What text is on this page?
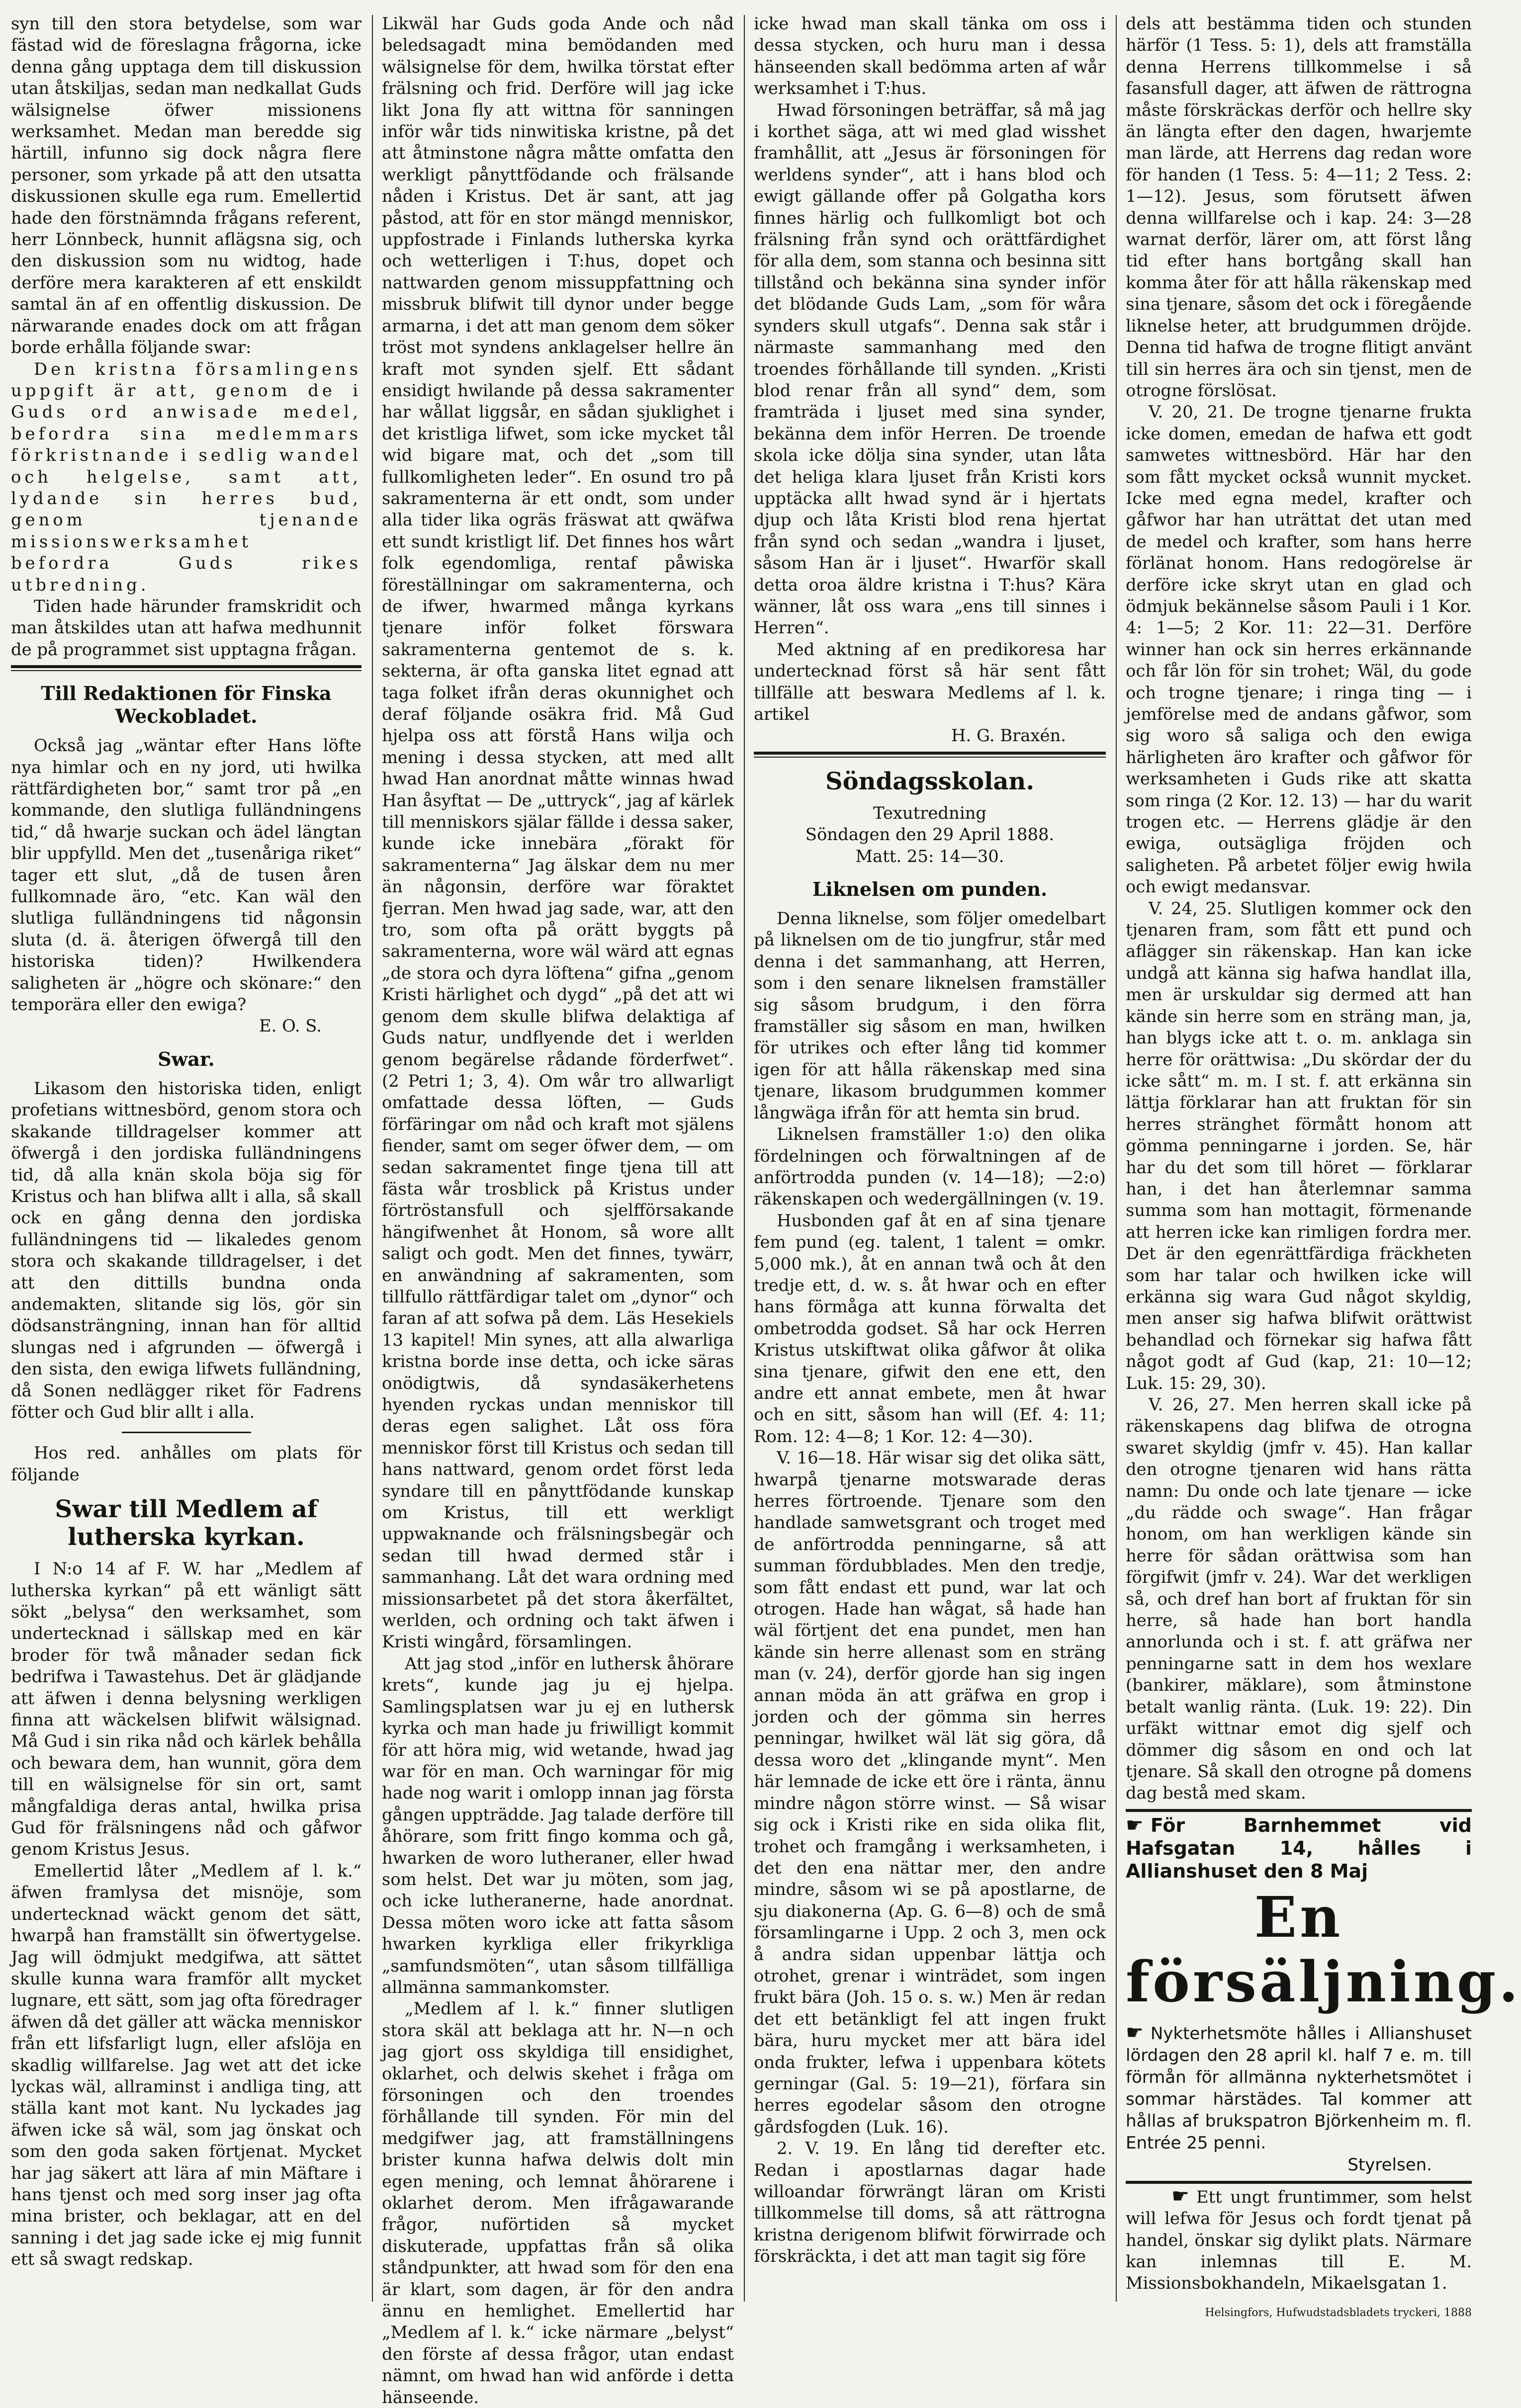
syn till den stora betydelse, som war fästad wid de föreslagna frågorna, icke denna gång upptaga dem till diskussion utan åtskiljas, sedan man nedkallat Guds wälsignelse öfwer missionens werksamhet. Medan man beredde sig härtill, infunno sig dock några flere personer, som yrkade på att den utsatta diskussionen skulle ega rum. Emellertid hade den förstnämnda frågans referent, herr Lönnbeck, hunnit aflägsna sig, och den diskussion som nu widtog, hade derföre mera karakteren af ett enskildt samtal än af en offentlig diskussion. De närwarande enades dock om att frågan borde erhålla följande swar:

Den kristna församlingens uppgift är att, genom de i Guds ord anwisade medel, befordra sina medlemmars förkristnande i sedlig wandel och helgelse, samt att, lydande sin herres bud, genom tjenande missionswerksamhet befordra Guds rikes utbredning.

Tiden hade härunder framskridit och man åtskildes utan att hafwa medhunnit de på programmet sist upptagna frågan.

Till Redaktionen för Finska Weckobladet.

Också jag „wäntar efter Hans löfte nya himlar och en ny jord, uti hwilka rättfärdigheten bor,“ samt tror på „en kommande, den slutliga fulländningens tid,“ då hwarje suckan och ädel längtan blir uppfylld. Men det „tusenåriga riket“ tager ett slut, „då de tusen åren fullkomnade äro, “etc. Kan wäl den slutliga fulländningens tid någonsin sluta (d. ä. återigen öfwergå till den historiska tiden)? Hwilkendera saligheten är „högre och skönare:“ den temporära eller den ewiga?

E. O. S.

Swar.

Likasom den historiska tiden, enligt profetians wittnesbörd, genom stora och skakande tilldragelser kommer att öfwergå i den jordiska fulländningens tid, då alla knän skola böja sig för Kristus och han blifwa allt i alla, så skall ock en gång denna den jordiska fulländningens tid — likaledes genom stora och skakande tilldragelser, i det att den dittills bundna onda andemakten, slitande sig lös, gör sin dödsansträngning, innan han för alltid slungas ned i afgrunden — öfwergå i den sista, den ewiga lifwets fulländning, då Sonen nedlägger riket för Fadrens fötter och Gud blir allt i alla.

Hos red. anhålles om plats för följande

Swar till Medlem af lutherska kyrkan.

I N:o 14 af F. W. har „Medlem af lutherska kyrkan“ på ett wänligt sätt sökt „belysa“ den werksamhet, som undertecknad i sällskap med en kär broder för twå månader sedan fick bedrifwa i Tawastehus. Det är glädjande att äfwen i denna belysning werkligen finna att wäckelsen blifwit wälsignad. Må Gud i sin rika nåd och kärlek behålla och bewara dem, han wunnit, göra dem till en wälsignelse för sin ort, samt mångfaldiga deras antal, hwilka prisa Gud för frälsningens nåd och gåfwor genom Kristus Jesus.

Emellertid låter „Medlem af l. k.“ äfwen framlysa det misnöje, som undertecknad wäckt genom det sätt, hwarpå han framställt sin öfwertygelse. Jag will ödmjukt medgifwa, att sättet skulle kunna wara framför allt mycket lugnare, ett sätt, som jag ofta föredrager äfwen då det gäller att wäcka menniskor från ett lifsfarligt lugn, eller afslöja en skadlig willfarelse. Jag wet att det icke lyckas wäl, allraminst i andliga ting, att ställa kant mot kant. Nu lyckades jag äfwen icke så wäl, som jag önskat och som den goda saken förtjenat. Mycket har jag säkert att lära af min Mäftare i hans tjenst och med sorg inser jag ofta mina brister, och beklagar, att en del sanning i det jag sade icke ej mig funnit ett så swagt redskap.

Likwäl har Guds goda Ande och nåd beledsagadt mina bemödanden med wälsignelse för dem, hwilka törstat efter frälsning och frid. Derföre will jag icke likt Jona fly att wittna för sanningen inför wår tids ninwitiska kristne, på det att åtminstone några måtte omfatta den werkligt pånyttfödande och frälsande nåden i Kristus. Det är sant, att jag påstod, att för en stor mängd menniskor, uppfostrade i Finlands lutherska kyrka och wetterligen i T:hus, dopet och nattwarden genom missuppfattning och missbruk blifwit till dynor under begge armarna, i det att man genom dem söker tröst mot syndens anklagelser hellre än kraft mot synden sjelf. Ett sådant ensidigt hwilande på dessa sakramenter har wållat liggsår, en sådan sjuklighet i det kristliga lifwet, som icke mycket tål wid bigare mat, och det „som till fullkomligheten leder“. En osund tro på sakramenterna är ett ondt, som under alla tider lika ogräs fräswat att qwäfwa ett sundt kristligt lif. Det finnes hos wårt folk egendomliga, rentaf påwiska föreställningar om sakramenterna, och de ifwer, hwarmed många kyrkans tjenare inför folket förswara sakramenterna gentemot de s. k. sekterna, är ofta ganska litet egnad att taga folket ifrån deras okunnighet och deraf följande osäkra frid. Må Gud hjelpa oss att förstå Hans wilja och mening i dessa stycken, att med allt hwad Han anordnat måtte winnas hwad Han åsyftat — De „uttryck“, jag af kärlek till menniskors själar fällde i dessa saker, kunde icke innebära „förakt för sakramenterna“ Jag älskar dem nu mer än någonsin, derföre war föraktet fjerran. Men hwad jag sade, war, att den tro, som ofta på orätt byggts på sakramenterna, wore wäl wärd att egnas „de stora och dyra löftena“ gifna „genom Kristi härlighet och dygd“ „på det att wi genom dem skulle blifwa delaktiga af Guds natur, undflyende det i werlden genom begärelse rådande förderfwet“. (2 Petri 1; 3, 4). Om wår tro allwarligt omfattade dessa löften, — Guds förfäringar om nåd och kraft mot själens fiender, samt om seger öfwer dem, — om sedan sakramentet finge tjena till att fästa wår trosblick på Kristus under förtröstansfull och sjelfförsakande hängifwenhet åt Honom, så wore allt saligt och godt. Men det finnes, tywärr, en anwändning af sakramenten, som tillfullo rättfärdigar talet om „dynor“ och faran af att sofwa på dem. Läs Hesekiels 13 kapitel! Min synes, att alla alwarliga kristna borde inse detta, och icke säras onödigtwis, då syndasäkerhetens hyenden ryckas undan menniskor till deras egen salighet. Låt oss föra menniskor först till Kristus och sedan till hans nattward, genom ordet först leda syndare till en pånyttfödande kunskap om Kristus, till ett werkligt uppwaknande och frälsningsbegär och sedan till hwad dermed står i sammanhang. Låt det wara ordning med missionsarbetet på det stora åkerfältet, werlden, och ordning och takt äfwen i Kristi wingård, församlingen.

Att jag stod „inför en luthersk åhörare krets“, kunde jag ju ej hjelpa. Samlingsplatsen war ju ej en luthersk kyrka och man hade ju friwilligt kommit för att höra mig, wid wetande, hwad jag war för en man. Och warningar för mig hade nog warit i omlopp innan jag första gången uppträdde. Jag talade derföre till åhörare, som fritt fingo komma och gå, hwarken de woro lutheraner, eller hwad som helst. Det war ju möten, som jag, och icke lutheranerne, hade anordnat. Dessa möten woro icke att fatta såsom hwarken kyrkliga eller frikyrkliga „samfundsmöten“, utan såsom tillfälliga allmänna sammankomster.

„Medlem af l. k.“ finner slutligen stora skäl att beklaga att hr. N—n och jag gjort oss skyldiga till ensidighet, oklarhet, och delwis skehet i fråga om försoningen och den troendes förhållande till synden. För min del medgifwer jag, att framställningens brister kunna hafwa delwis dolt min egen mening, och lemnat åhörarene i oklarhet derom. Men ifrågawarande frågor, nuförtiden så mycket diskuterade, uppfattas från så olika ståndpunkter, att hwad som för den ena är klart, som dagen, är för den andra ännu en hemlighet. Emellertid har „Medlem af l. k.“ icke närmare „belyst“ den förste af dessa frågor, utan endast nämnt, om hwad han wid anförde i detta hänseende.

icke hwad man skall tänka om oss i dessa stycken, och huru man i dessa hänseenden skall bedömma arten af wår werksamhet i T:hus.

Hwad försoningen beträffar, så må jag i korthet säga, att wi med glad wisshet framhållit, att „Jesus är försoningen för werldens synder“, att i hans blod och ewigt gällande offer på Golgatha kors finnes härlig och fullkomligt bot och frälsning från synd och orättfärdighet för alla dem, som stanna och besinna sitt tillstånd och bekänna sina synder inför det blödande Guds Lam, „som för wåra synders skull utgafs“. Denna sak står i närmaste sammanhang med den troendes förhållande till synden. „Kristi blod renar från all synd“ dem, som framträda i ljuset med sina synder, bekänna dem inför Herren. De troende skola icke dölja sina synder, utan låta det heliga klara ljuset från Kristi kors upptäcka allt hwad synd är i hjertats djup och låta Kristi blod rena hjertat från synd och sedan „wandra i ljuset, såsom Han är i ljuset“. Hwarför skall detta oroa äldre kristna i T:hus? Kära wänner, låt oss wara „ens till sinnes i Herren“.

Med aktning af en predikoresa har undertecknad först så här sent fått tillfälle att beswara Medlems af l. k. artikel

H. G. Braxén.

Söndagsskolan.

Texutredning

Söndagen den 29 April 1888.

Matt. 25: 14—30.

Liknelsen om punden.

Denna liknelse, som följer omedelbart på liknelsen om de tio jungfrur, står med denna i det sammanhang, att Herren, som i den senare liknelsen framställer sig såsom brudgum, i den förra framställer sig såsom en man, hwilken för utrikes och efter lång tid kommer igen för att hålla räkenskap med sina tjenare, likasom brudgummen kommer långwäga ifrån för att hemta sin brud.

Liknelsen framställer 1:o) den olika fördelningen och förwaltningen af de anförtrodda punden (v. 14—18); —2:o) räkenskapen och wedergällningen (v. 19.

Husbonden gaf åt en af sina tjenare fem pund (eg. talent, 1 talent = omkr. 5,000 mk.), åt en annan twå och åt den tredje ett, d. w. s. åt hwar och en efter hans förmåga att kunna förwalta det ombetrodda godset. Så har ock Herren Kristus utskiftwat olika gåfwor åt olika sina tjenare, gifwit den ene ett, den andre ett annat embete, men åt hwar och en sitt, såsom han will (Ef. 4: 11; Rom. 12: 4—8; 1 Kor. 12: 4—30).

V. 16—18. Här wisar sig det olika sätt, hwarpå tjenarne motswarade deras herres förtroende. Tjenare som den handlade samwetsgrant och troget med de anförtrodda penningarne, så att summan fördubblades. Men den tredje, som fått endast ett pund, war lat och otrogen. Hade han wågat, så hade han wäl förtjent det ena pundet, men han kände sin herre allenast som en sträng man (v. 24), derför gjorde han sig ingen annan möda än att gräfwa en grop i jorden och der gömma sin herres penningar, hwilket wäl lät sig göra, då dessa woro det „klingande mynt“. Men här lemnade de icke ett öre i ränta, ännu mindre någon större winst. — Så wisar sig ock i Kristi rike en sida olika flit, trohet och framgång i werksamheten, i det den ena nättar mer, den andre mindre, såsom wi se på apostlarne, de sju diakonerna (Ap. G. 6—8) och de små församlingarne i Upp. 2 och 3, men ock å andra sidan uppenbar lättja och otrohet, grenar i winträdet, som ingen frukt bära (Joh. 15 o. s. w.) Men är redan det ett betänkligt fel att ingen frukt bära, huru mycket mer att bära idel onda frukter, lefwa i uppenbara kötets gerningar (Gal. 5: 19—21), förfara sin herres egodelar såsom den otrogne gårdsfogden (Luk. 16).

2. V. 19. En lång tid derefter etc. Redan i apostlarnas dagar hade willoandar förwrängt läran om Kristi tillkommelse till doms, så att rättrogna kristna derigenom blifwit förwirrade och förskräckta, i det att man tagit sig före

dels att bestämma tiden och stunden härför (1 Tess. 5: 1), dels att framställa denna Herrens tillkommelse i så fasansfull dager, att äfwen de rättrogna måste förskräckas derför och hellre sky än längta efter den dagen, hwarjemte man lärde, att Herrens dag redan wore för handen (1 Tess. 5: 4—11; 2 Tess. 2: 1—12). Jesus, som förutsett äfwen denna willfarelse och i kap. 24: 3—28 warnat derför, lärer om, att först lång tid efter hans bortgång skall han komma åter för att hålla räkenskap med sina tjenare, såsom det ock i föregående liknelse heter, att brudgummen dröjde. Denna tid hafwa de trogne flitigt använt till sin herres ära och sin tjenst, men de otrogne förslösat.

V. 20, 21. De trogne tjenarne frukta icke domen, emedan de hafwa ett godt samwetes wittnesbörd. Här har den som fått mycket också wunnit mycket. Icke med egna medel, krafter och gåfwor har han uträttat det utan med de medel och krafter, som hans herre förlänat honom. Hans redogörelse är derföre icke skryt utan en glad och ödmjuk bekännelse såsom Pauli i 1 Kor. 4: 1—5; 2 Kor. 11: 22—31. Derföre winner han ock sin herres erkännande och får lön för sin trohet; Wäl, du gode och trogne tjenare; i ringa ting — i jemförelse med de andans gåfwor, som sig woro så saliga och den ewiga härligheten äro krafter och gåfwor för werksamheten i Guds rike att skatta som ringa (2 Kor. 12. 13) — har du warit trogen etc. — Herrens glädje är den ewiga, outsägliga fröjden och saligheten. På arbetet följer ewig hwila och ewigt medansvar.

V. 24, 25. Slutligen kommer ock den tjenaren fram, som fått ett pund och aflägger sin räkenskap. Han kan icke undgå att känna sig hafwa handlat illa, men är urskuldar sig dermed att han kände sin herre som en sträng man, ja, han blygs icke att t. o. m. anklaga sin herre för orättwisa: „Du skördar der du icke sått“ m. m. I st. f. att erkänna sin lättja förklarar han att fruktan för sin herres stränghet förmått honom att gömma penningarne i jorden. Se, här har du det som till höret — förklarar han, i det han återlemnar samma summa som han mottagit, förmenande att herren icke kan rimligen fordra mer. Det är den egenrättfärdiga fräckheten som har talar och hwilken icke will erkänna sig wara Gud något skyldig, men anser sig hafwa blifwit orättwist behandlad och förnekar sig hafwa fått något godt af Gud (kap, 21: 10—12; Luk. 15: 29, 30).

V. 26, 27. Men herren skall icke på räkenskapens dag blifwa de otrogna swaret skyldig (jmfr v. 45). Han kallar den otrogne tjenaren wid hans rätta namn: Du onde och late tjenare — icke „du rädde och swage“. Han frågar honom, om han werkligen kände sin herre för sådan orättwisa som han förgifwit (jmfr v. 24). War det werkligen så, och dref han bort af fruktan för sin herre, så hade han bort handla annorlunda och i st. f. att gräfwa ner penningarne satt in dem hos wexlare (bankirer, mäklare), som åtminstone betalt wanlig ränta. (Luk. 19: 22). Din urfäkt wittnar emot dig sjelf och dömmer dig såsom en ond och lat tjenare. Så skall den otrogne på domens dag bestå med skam.

☛ För Barnhemmet vid Hafsgatan 14, hålles i Allianshuset den 8 Maj
En försäljning.
☛ Nykterhetsmöte hålles i Allianshuset lördagen den 28 april kl. half 7 e. m. till förmån för allmänna nykterhetsmötet i sommar härstädes. Tal kommer att hållas af brukspatron Björkenheim m. fl. Entrée 25 penni.
Styrelsen.

☛ Ett ungt fruntimmer, som helst will lefwa för Jesus och fordt tjenat på handel, önskar sig dylikt plats. Närmare kan inlemnas till E. M. Missionsbokhandeln, Mikaelsgatan 1.

Helsingfors, Hufwudstadsbladets tryckeri, 1888
